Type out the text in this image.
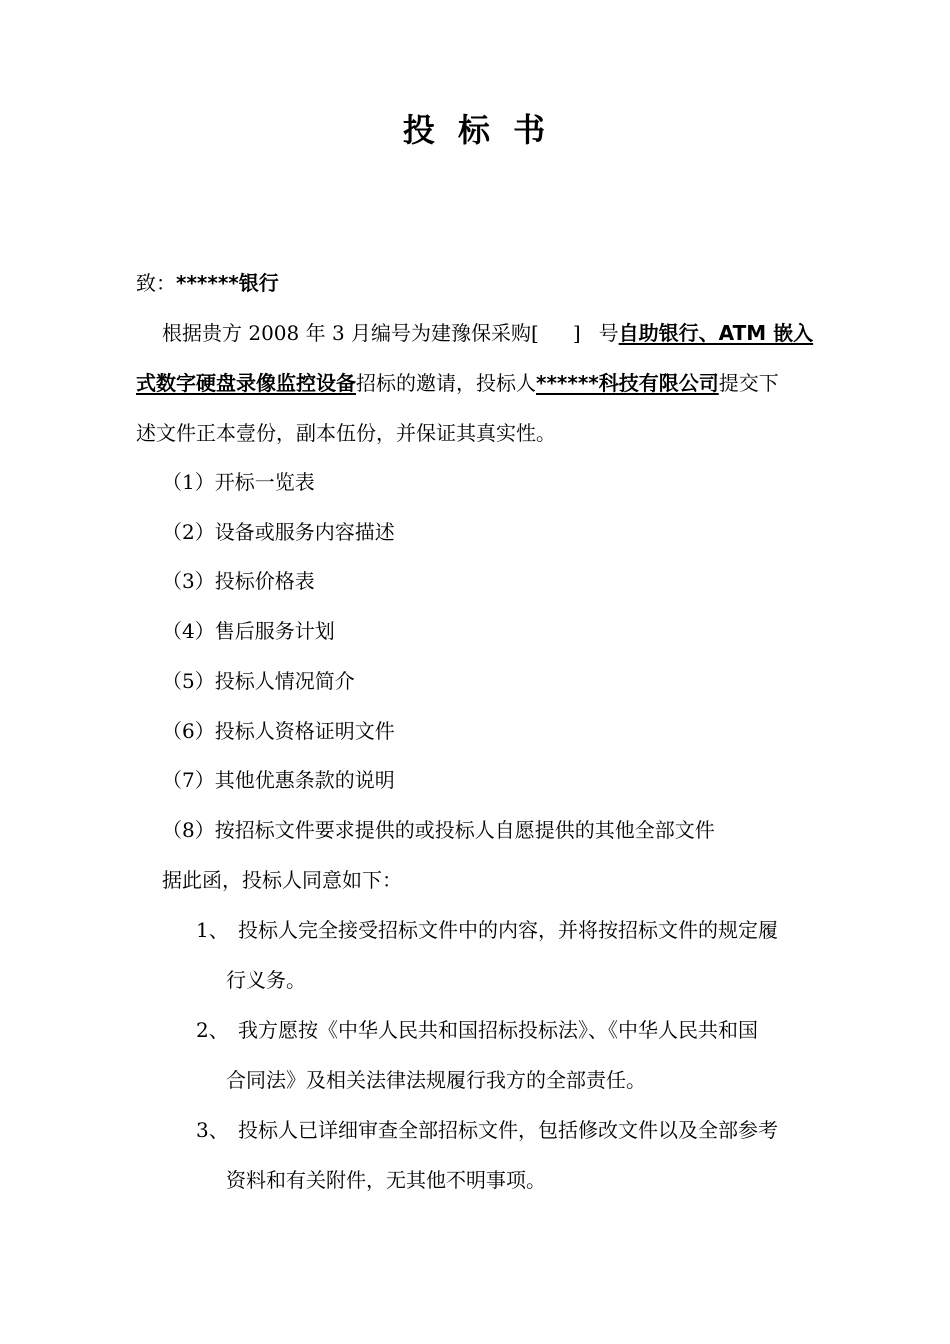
投 标 书
致：******银行
根据贵方 2008 年 3 月编号为建豫保采购[ ] 号自助银行、ATM 嵌入
式数字硬盘录像监控设备招标的邀请，投标人******科技有限公司提交下
述文件正本壹份，副本伍份，并保证其真实性。
（1）开标一览表
（2）设备或服务内容描述
（3）投标价格表
（4）售后服务计划
（5）投标人情况简介
（6）投标人资格证明文件
（7）其他优惠条款的说明
（8）按招标文件要求提供的或投标人自愿提供的其他全部文件
据此函，投标人同意如下：
1、 投标人完全接受招标文件中的内容，并将按招标文件的规定履
行义务。
2、 我方愿按《中华人民共和国招标投标法》、《中华人民共和国
合同法》及相关法律法规履行我方的全部责任。
3、 投标人已详细审查全部招标文件，包括修改文件以及全部参考
资料和有关附件，无其他不明事项。
